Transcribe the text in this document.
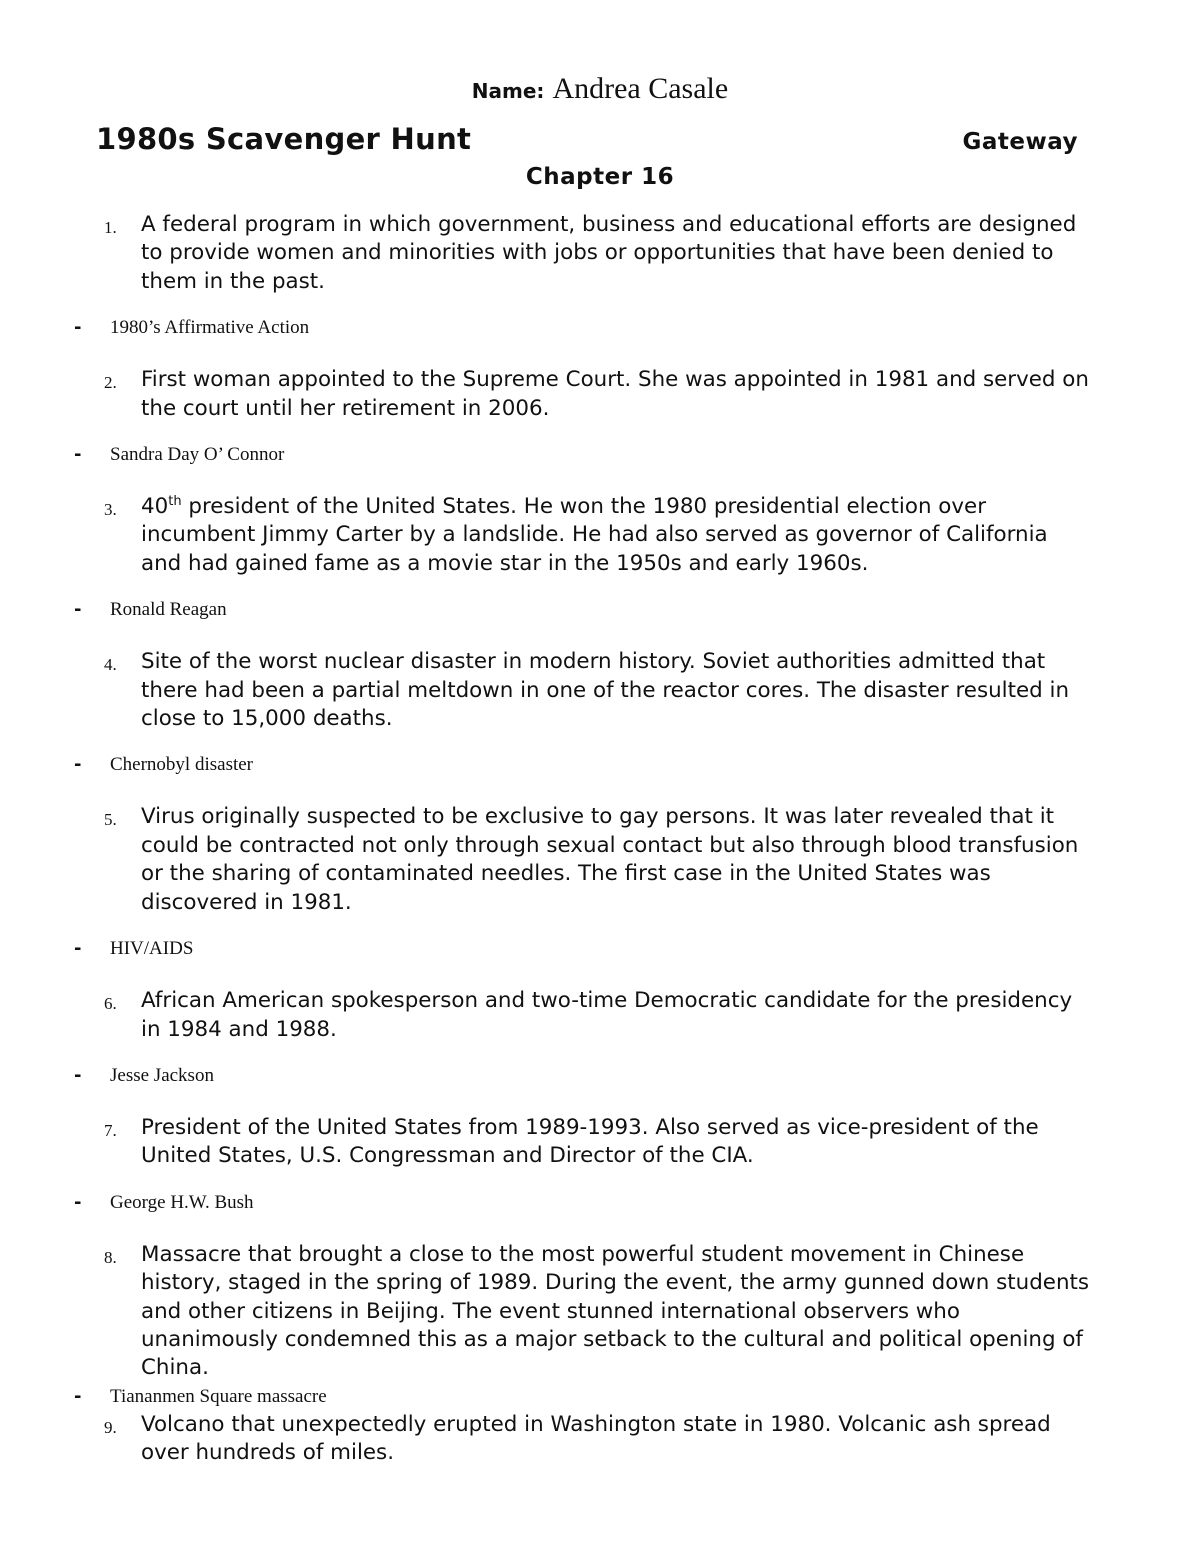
Name: Andrea Casale
1980s Scavenger Hunt	Gateway
Chapter 16
1. A federal program in which government, business and educational efforts are designed to provide women and minorities with jobs or opportunities that have been denied to them in the past.
- 1980’s Affirmative Action
2. First woman appointed to the Supreme Court. She was appointed in 1981 and served on the court until her retirement in 2006.
- Sandra Day O’ Connor
3. 40th president of the United States. He won the 1980 presidential election over incumbent Jimmy Carter by a landslide. He had also served as governor of California and had gained fame as a movie star in the 1950s and early 1960s.
- Ronald Reagan
4. Site of the worst nuclear disaster in modern history. Soviet authorities admitted that there had been a partial meltdown in one of the reactor cores. The disaster resulted in close to 15,000 deaths.
- Chernobyl disaster
5. Virus originally suspected to be exclusive to gay persons. It was later revealed that it could be contracted not only through sexual contact but also through blood transfusion or the sharing of contaminated needles. The first case in the United States was discovered in 1981.
- HIV/AIDS
6. African American spokesperson and two-time Democratic candidate for the presidency in 1984 and 1988.
- Jesse Jackson
7. President of the United States from 1989-1993. Also served as vice-president of the United States, U.S. Congressman and Director of the CIA.
- George H.W. Bush
8. Massacre that brought a close to the most powerful student movement in Chinese history, staged in the spring of 1989. During the event, the army gunned down students and other citizens in Beijing. The event stunned international observers who unanimously condemned this as a major setback to the cultural and political opening of China.
- Tiananmen Square massacre
9. Volcano that unexpectedly erupted in Washington state in 1980. Volcanic ash spread over hundreds of miles.
